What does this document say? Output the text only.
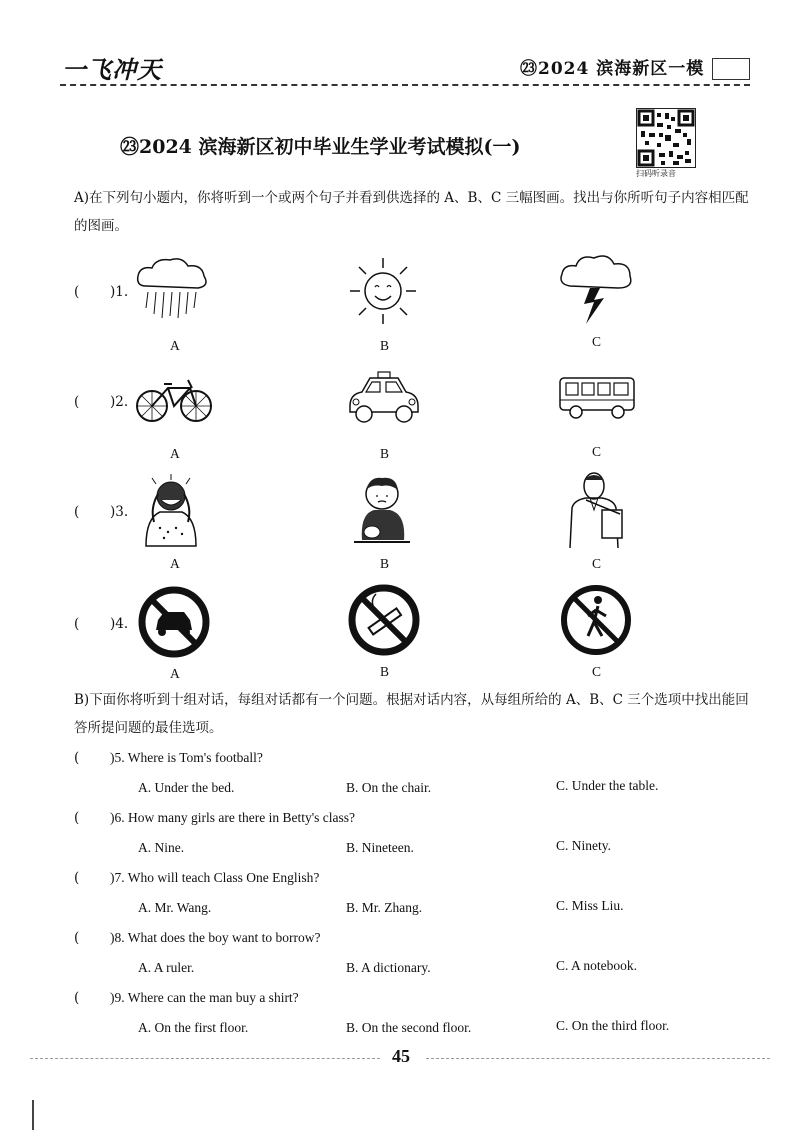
一飞冲天	㉓2024 滨海新区一模
㉓2024 滨海新区初中毕业生学业考试模拟(一)
扫码听录音
A)在下列句小题内，你将听到一个或两个句子并看到供选择的 A、B、C 三幅图画。找出与你所听句子内容相匹配的图画。
( )1.
A	B	C
( )2.
A	B	C
( )3.
A	B	C
( )4.
A	B	C
B)下面你将听到十组对话，每组对话都有一个问题。根据对话内容，从每组所给的 A、B、C 三个选项中找出能回答所提问题的最佳选项。
( )5. Where is Tom's football?
A. Under the bed.	B. On the chair.	C. Under the table.
( )6. How many girls are there in Betty's class?
A. Nine.	B. Nineteen.	C. Ninety.
( )7. Who will teach Class One English?
A. Mr. Wang.	B. Mr. Zhang.	C. Miss Liu.
( )8. What does the boy want to borrow?
A. A ruler.	B. A dictionary.	C. A notebook.
( )9. Where can the man buy a shirt?
A. On the first floor.	B. On the second floor.	C. On the third floor.
45
